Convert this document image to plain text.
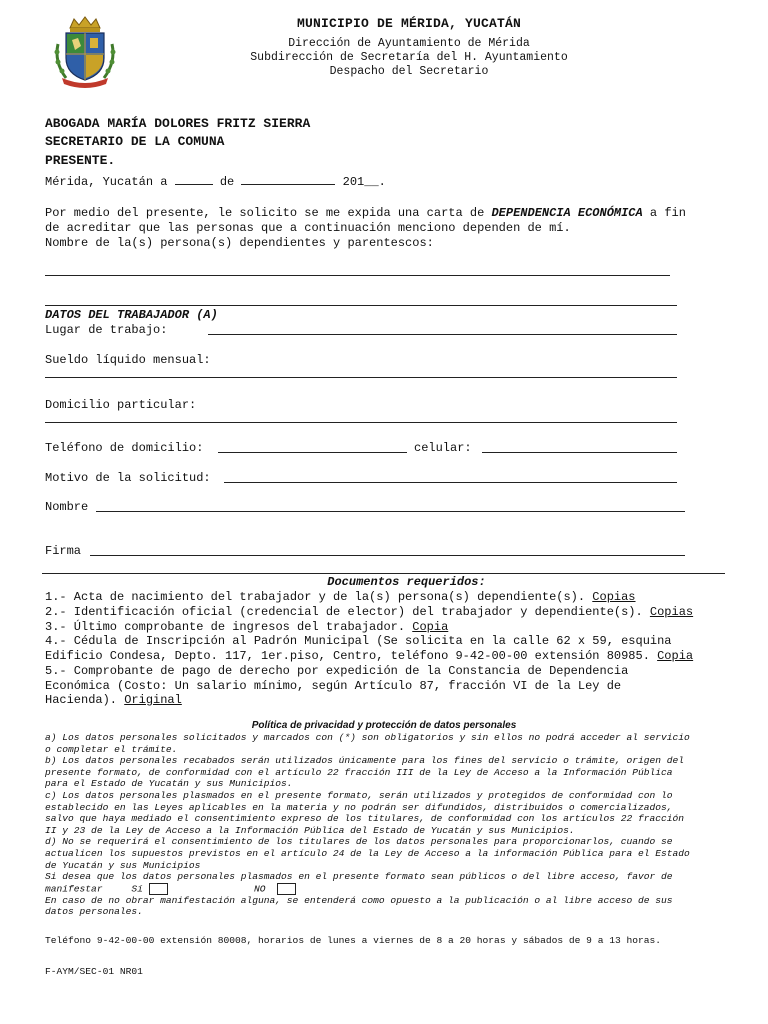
MUNICIPIO DE MÉRIDA, YUCATÁN
Dirección de Ayuntamiento de Mérida
Subdirección de Secretaría del H. Ayuntamiento
Despacho del Secretario
ABOGADA MARÍA DOLORES FRITZ SIERRA
SECRETARIO DE LA COMUNA
PRESENTE.
Mérida, Yucatán a	de	201__.
Por medio del presente, le solicito se me expida una carta de DEPENDENCIA ECONÓMICA a fin
de acreditar que las personas que a continuación menciono dependen de mí.
Nombre de la(s) persona(s) dependientes y parentescos:
DATOS DEL TRABAJADOR (A)
Lugar de trabajo:
Sueldo líquido mensual:
Domicilio particular:
Teléfono de domicilio:	celular:
Motivo de la solicitud:
Nombre
Firma
Documentos requeridos:
1.- Acta de nacimiento del trabajador y de la(s) persona(s) dependiente(s). Copias
2.- Identificación oficial (credencial de elector) del trabajador y dependiente(s). Copias
3.- Último comprobante de ingresos del trabajador. Copia
4.- Cédula de Inscripción al Padrón Municipal (Se solicita en la calle 62 x 59, esquina
Edificio Condesa, Depto. 117, 1er.piso, Centro, teléfono 9-42-00-00 extensión 80985. Copia
5.- Comprobante de pago de derecho por expedición de la Constancia de Dependencia
Económica (Costo: Un salario mínimo, según Artículo 87, fracción VI de la Ley de
Hacienda). Original
Política de privacidad y protección de datos personales
a) Los datos personales solicitados y marcados con (*) son obligatorios y sin ellos no podrá acceder al servicio
o completar el trámite.
b) Los datos personales recabados serán utilizados únicamente para los fines del servicio o trámite, origen del
presente formato, de conformidad con el artículo 22 fracción III de la Ley de Acceso a la Información Pública
para el Estado de Yucatán y sus Municipios.
c) Los datos personales plasmados en el presente formato, serán utilizados y protegidos de conformidad con lo
establecido en las Leyes aplicables en la materia y no podrán ser difundidos, distribuidos o comercializados,
salvo que haya mediado el consentimiento expreso de los titulares, de conformidad con los artículos 22 fracción
II y 23 de la Ley de Acceso a la Información Pública del Estado de Yucatán y sus Municipios.
d) No se requerirá el consentimiento de los titulares de los datos personales para proporcionarlos, cuando se
actualicen los supuestos previstos en el artículo 24 de la Ley de Acceso a la información Pública para el Estado
de Yucatán y sus Municipios
Si desea que los datos personales plasmados en el presente formato sean públicos o del libre acceso, favor de
manifestar	Sí	NO
En caso de no obrar manifestación alguna, se entenderá como opuesto a la publicación o al libre acceso de sus
datos personales.
Teléfono 9-42-00-00 extensión 80008, horarios de lunes a viernes de 8 a 20 horas y sábados de 9 a 13 horas.
F-AYM/SEC-01 NR01
